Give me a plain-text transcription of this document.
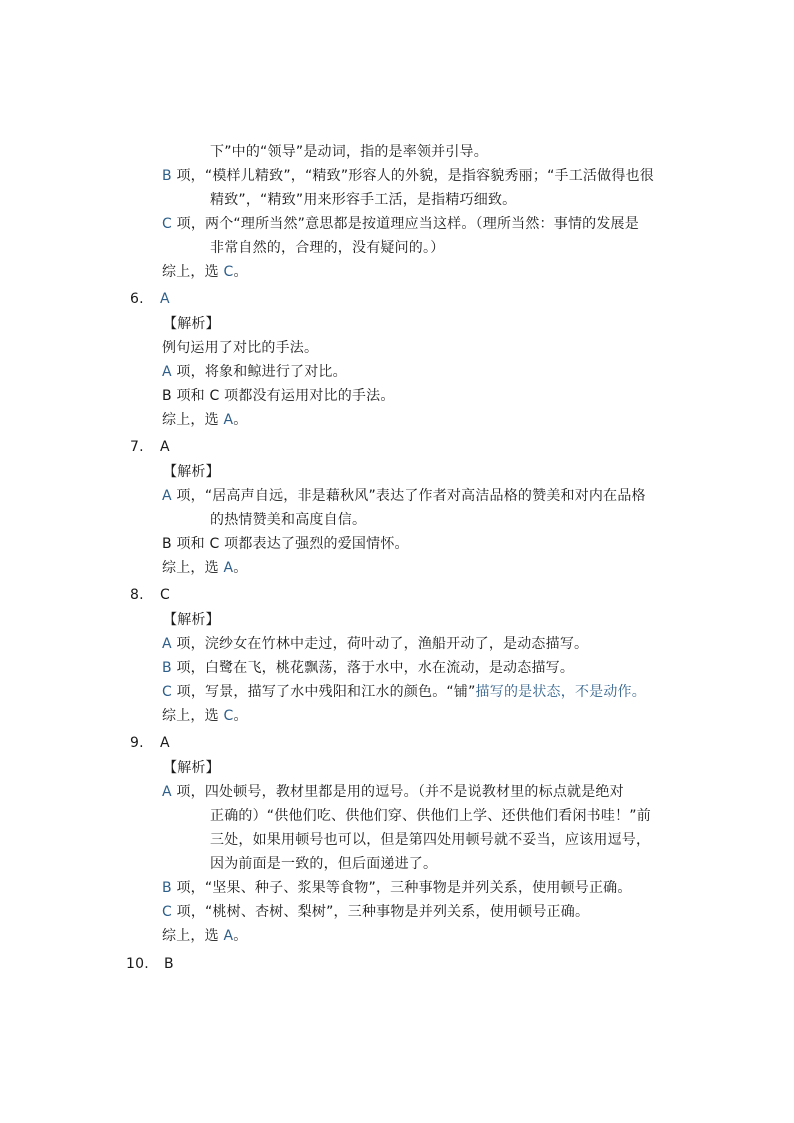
下”中的“领导”是动词，指的是率领并引导。
B 项，“模样儿精致”，“精致”形容人的外貌，是指容貌秀丽；“手工活做得也很
精致”，“精致”用来形容手工活，是指精巧细致。
C 项，两个“理所当然”意思都是按道理应当这样。（理所当然：事情的发展是
非常自然的，合理的，没有疑问的。）
综上，选 C。
6. A
【解析】
例句运用了对比的手法。
A 项，将象和鲸进行了对比。
B 项和 C 项都没有运用对比的手法。
综上，选 A。
7. A
【解析】
A 项，“居高声自远，非是藉秋风”表达了作者对高洁品格的赞美和对内在品格
的热情赞美和高度自信。
B 项和 C 项都表达了强烈的爱国情怀。
综上，选 A。
8. C
【解析】
A 项，浣纱女在竹林中走过，荷叶动了，渔船开动了，是动态描写。
B 项，白鹭在飞，桃花飘荡，落于水中，水在流动，是动态描写。
C 项，写景，描写了水中残阳和江水的颜色。“铺”描写的是状态，不是动作。
综上，选 C。
9. A
【解析】
A 项，四处顿号，教材里都是用的逗号。（并不是说教材里的标点就是绝对
正确的）“供他们吃、供他们穿、供他们上学、还供他们看闲书哇！”前
三处，如果用顿号也可以，但是第四处用顿号就不妥当，应该用逗号，
因为前面是一致的，但后面递进了。
B 项，“坚果、种子、浆果等食物”，三种事物是并列关系，使用顿号正确。
C 项，“桃树、杏树、梨树”，三种事物是并列关系，使用顿号正确。
综上，选 A。
10. B
